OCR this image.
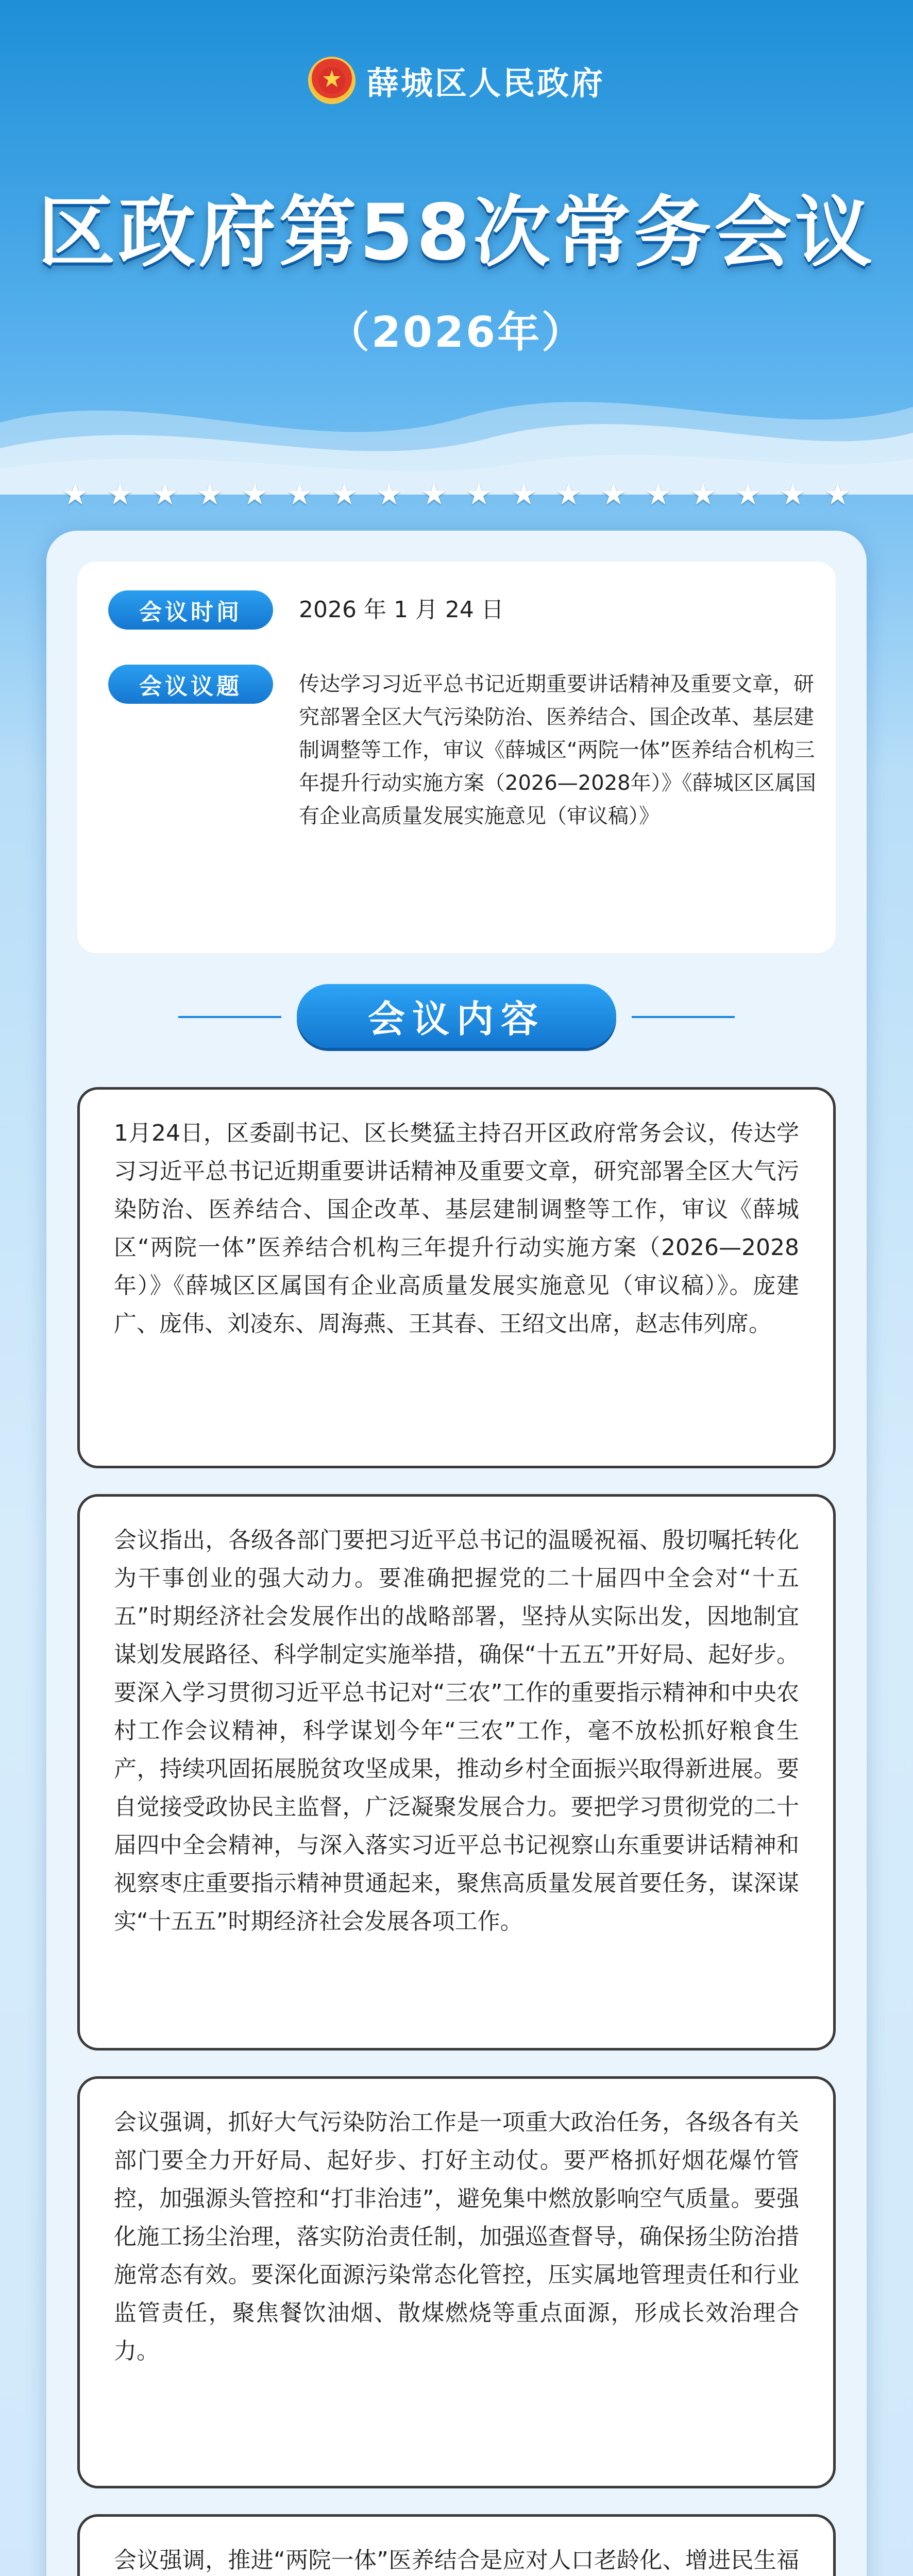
薛城区人民政府
区政府第58次常务会议
（2026年）
★ ★ ★ ★ ★ ★ ★ ★ ★ ★ ★ ★ ★ ★ ★ ★ ★ ★
会议时间	2026 年 1 月 24 日
会议议题	传达学习习近平总书记近期重要讲话精神及重要文章，研究部署全区大气污染防治、医养结合、国企改革、基层建制调整等工作，审议《薛城区“两院一体”医养结合机构三年提升行动实施方案（2026—2028年）》《薛城区区属国有企业高质量发展实施意见（审议稿）》
会议内容

1月24日，区委副书记、区长樊猛主持召开区政府常务会议，传达学习习近平总书记近期重要讲话精神及重要文章，研究部署全区大气污染防治、医养结合、国企改革、基层建制调整等工作，审议《薛城区“两院一体”医养结合机构三年提升行动实施方案（2026—2028年）》《薛城区区属国有企业高质量发展实施意见（审议稿）》。庞建广、庞伟、刘凌东、周海燕、王其春、王绍文出席，赵志伟列席。

会议指出，各级各部门要把习近平总书记的温暖祝福、殷切嘱托转化为干事创业的强大动力。要准确把握党的二十届四中全会对“十五五”时期经济社会发展作出的战略部署，坚持从实际出发，因地制宜谋划发展路径、科学制定实施举措，确保“十五五”开好局、起好步。要深入学习贯彻习近平总书记对“三农”工作的重要指示精神和中央农村工作会议精神，科学谋划今年“三农”工作，毫不放松抓好粮食生产，持续巩固拓展脱贫攻坚成果，推动乡村全面振兴取得新进展。要自觉接受政协民主监督，广泛凝聚发展合力。要把学习贯彻党的二十届四中全会精神，与深入落实习近平总书记视察山东重要讲话精神和视察枣庄重要指示精神贯通起来，聚焦高质量发展首要任务，谋深谋实“十五五”时期经济社会发展各项工作。

会议强调，抓好大气污染防治工作是一项重大政治任务，各级各有关部门要全力开好局、起好步、打好主动仗。要严格抓好烟花爆竹管控，加强源头管控和“打非治违”，避免集中燃放影响空气质量。要强化施工扬尘治理，落实防治责任制，加强巡查督导，确保扬尘防治措施常态有效。要深化面源污染常态化管控，压实属地管理责任和行业监管责任，聚焦餐饮油烟、散煤燃烧等重点面源，形成长效治理合力。

会议强调，推进“两院一体”医养结合是应对人口老龄化、增进民生福
